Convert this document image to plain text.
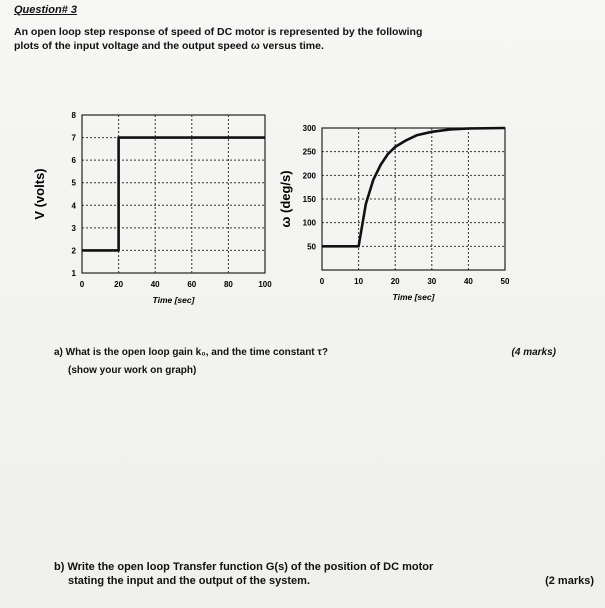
Question# 3
An open loop step response of speed of DC motor is represented by the following
plots of the input voltage and the output speed ω versus time.
0	20	40	60	80	100
1
2
3
4
5
6
7
8
Time [sec]
V (volts)
0	10	20	30	40	50
50
100
150
200
250
300
Time [sec]
ω (deg/s)
a) What is the open loop gain k₀, and the time constant τ?
(show your work on graph)
(4 marks)
b) Write the open loop Transfer function G(s) of the position of DC motor
stating the input and the output of the system.	(2 marks)
